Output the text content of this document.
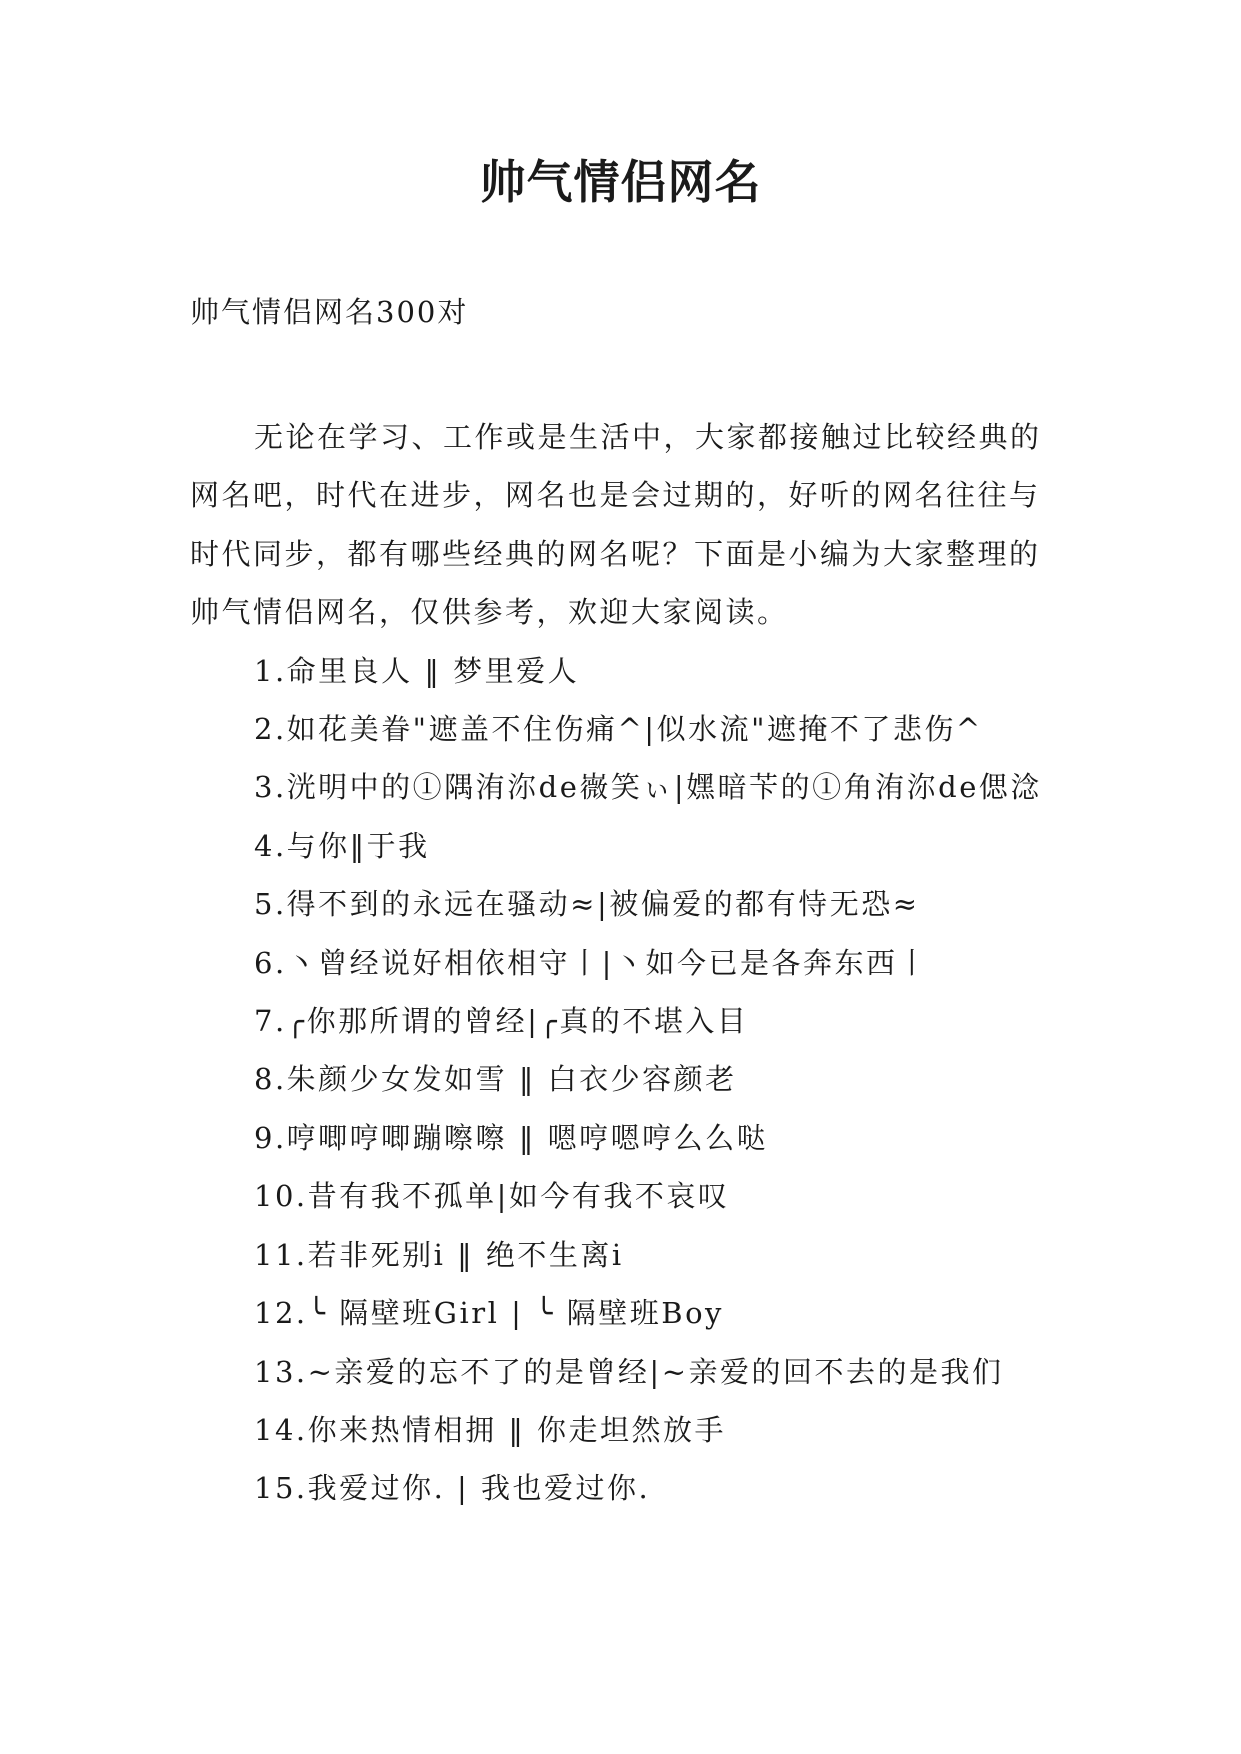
帅气情侣网名
帅气情侣网名300对

无论在学习、工作或是生活中，大家都接触过比较经典的网名吧，时代在进步，网名也是会过期的，好听的网名往往与时代同步，都有哪些经典的网名呢？下面是小编为大家整理的帅气情侣网名，仅供参考，欢迎大家阅读。

1.命里良人 ‖ 梦里爱人
2.如花美眷"遮盖不住伤痛^|似水流"遮掩不了悲伤^
3.洸明中的①隅洧沵de嶶笑ぃ|嫼暗苄的①角洧沵de偲淰
4.与你‖于我
5.得不到的永远在骚动≈|被偏爱的都有恃无恐≈
6.丶曾经说好相依相守丨|丶如今已是各奔东西丨
7.╭你那所谓的曾经|╭真的不堪入目
8.朱颜少女发如雪 ‖ 白衣少容颜老
9.哼唧哼唧蹦嚓嚓 ‖ 嗯哼嗯哼么么哒
10.昔有我不孤单|如今有我不哀叹
11.若非死别i ‖ 绝不生离i
12.╰ 隔壁班Girl | ╰ 隔壁班Boy
13.~亲爱的忘不了的是曾经|~亲爱的回不去的是我们
14.你来热情相拥 ‖ 你走坦然放手
15.我爱过你. | 我也爱过你.
